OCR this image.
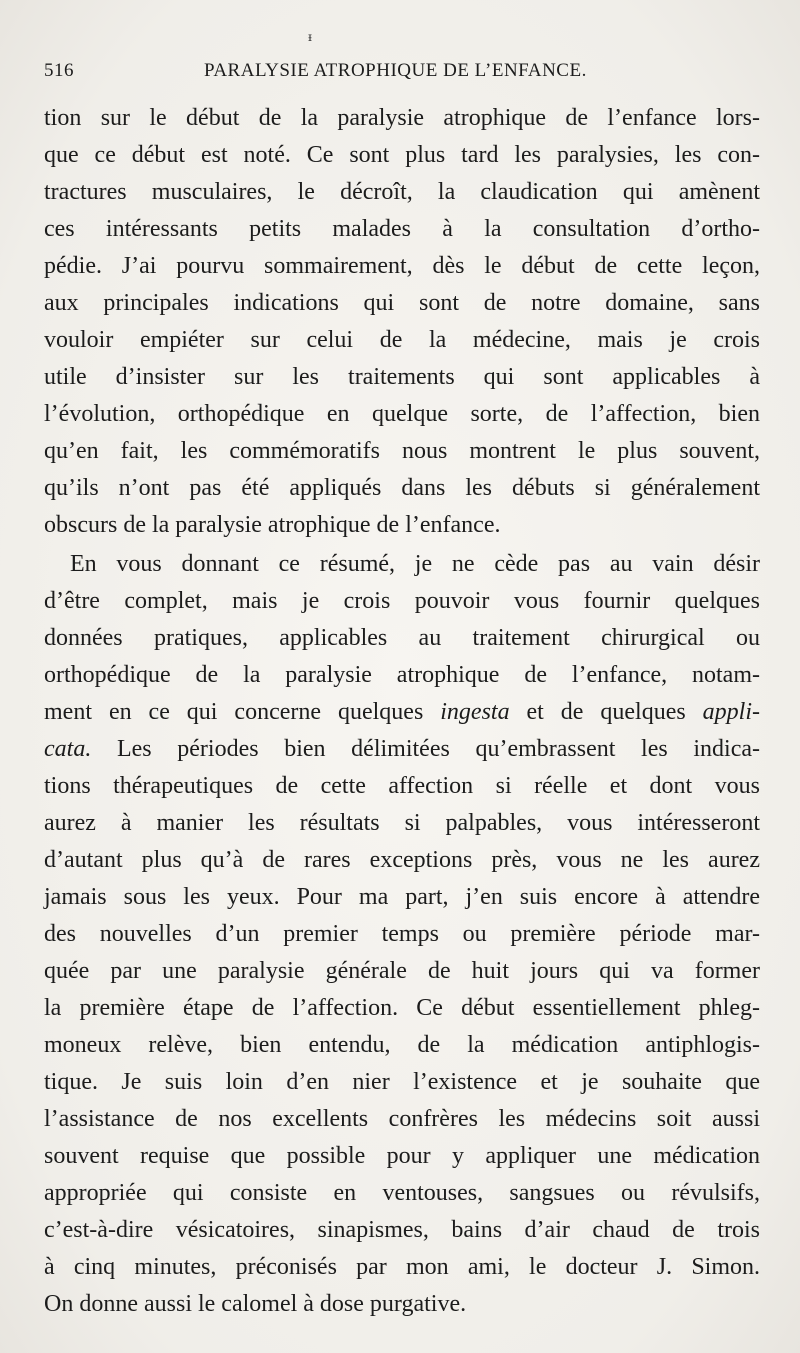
ᵻ
516	PARALYSIE ATROPHIQUE DE L’ENFANCE.
tion sur le début de la paralysie atrophique de l’enfance lors-
que ce début est noté. Ce sont plus tard les paralysies, les con-
tractures musculaires, le décroît, la claudication qui amènent
ces intéressants petits malades à la consultation d’ortho-
pédie. J’ai pourvu sommairement, dès le début de cette leçon,
aux principales indications qui sont de notre domaine, sans
vouloir empiéter sur celui de la médecine, mais je crois
utile d’insister sur les traitements qui sont applicables à
l’évolution, orthopédique en quelque sorte, de l’affection, bien
qu’en fait, les commémoratifs nous montrent le plus souvent,
qu’ils n’ont pas été appliqués dans les débuts si généralement
obscurs de la paralysie atrophique de l’enfance.
En vous donnant ce résumé, je ne cède pas au vain désir
d’être complet, mais je crois pouvoir vous fournir quelques
données pratiques, applicables au traitement chirurgical ou
orthopédique de la paralysie atrophique de l’enfance, notam-
ment en ce qui concerne quelques ingesta et de quelques appli-
cata. Les périodes bien délimitées qu’embrassent les indica-
tions thérapeutiques de cette affection si réelle et dont vous
aurez à manier les résultats si palpables, vous intéresseront
d’autant plus qu’à de rares exceptions près, vous ne les aurez
jamais sous les yeux. Pour ma part, j’en suis encore à attendre
des nouvelles d’un premier temps ou première période mar-
quée par une paralysie générale de huit jours qui va former
la première étape de l’affection. Ce début essentiellement phleg-
moneux relève, bien entendu, de la médication antiphlogis-
tique. Je suis loin d’en nier l’existence et je souhaite que
l’assistance de nos excellents confrères les médecins soit aussi
souvent requise que possible pour y appliquer une médication
appropriée qui consiste en ventouses, sangsues ou révulsifs,
c’est-à-dire vésicatoires, sinapismes, bains d’air chaud de trois
à cinq minutes, préconisés par mon ami, le docteur J. Simon.
On donne aussi le calomel à dose purgative.
